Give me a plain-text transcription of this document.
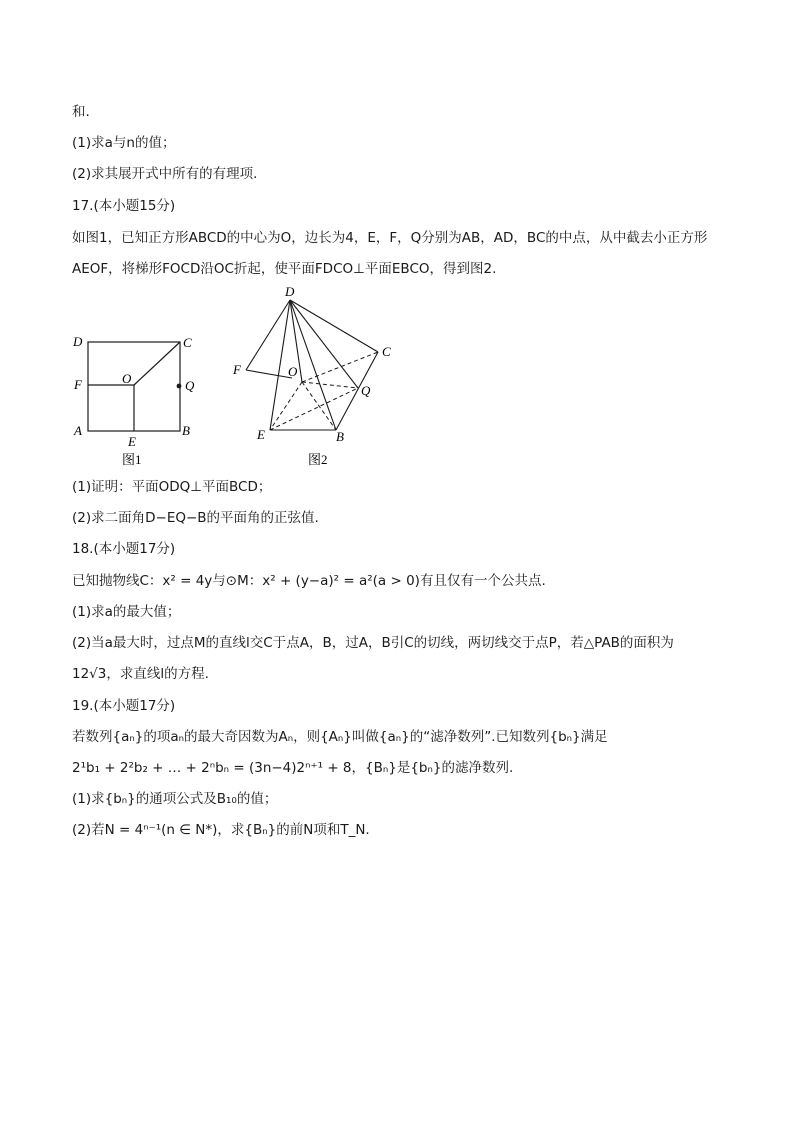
和.
(1)求a与n的值；
(2)求其展开式中所有的有理项.
17.(本小题15分)
如图1，已知正方形ABCD的中心为O，边长为4，E，F，Q分别为AB，AD，BC的中点，从中截去小正方形
AEOF，将梯形FOCD沿OC折起，使平面FDCO⊥平面EBCO，得到图2.
D	C
F	O	Q
A
E
B
图1
D
C
F	O
Q
E	B
图2
(1)证明：平面ODQ⊥平面BCD；
(2)求二面角D−EQ−B的平面角的正弦值.
18.(本小题17分)
已知抛物线C：x² = 4y与⊙M：x² + (y−a)² = a²(a > 0)有且仅有一个公共点.
(1)求a的最大值；
(2)当a最大时，过点M的直线l交C于点A，B，过A，B引C的切线，两切线交于点P，若△PAB的面积为
12√3，求直线l的方程.
19.(本小题17分)
若数列{aₙ}的项aₙ的最大奇因数为Aₙ，则{Aₙ}叫做{aₙ}的“滤净数列”.已知数列{bₙ}满足
2¹b₁ + 2²b₂ + … + 2ⁿbₙ = (3n−4)2ⁿ⁺¹ + 8，{Bₙ}是{bₙ}的滤净数列.
(1)求{bₙ}的通项公式及B₁₀的值；
(2)若N = 4ⁿ⁻¹(n ∈ N*)，求{Bₙ}的前N项和T_N.
